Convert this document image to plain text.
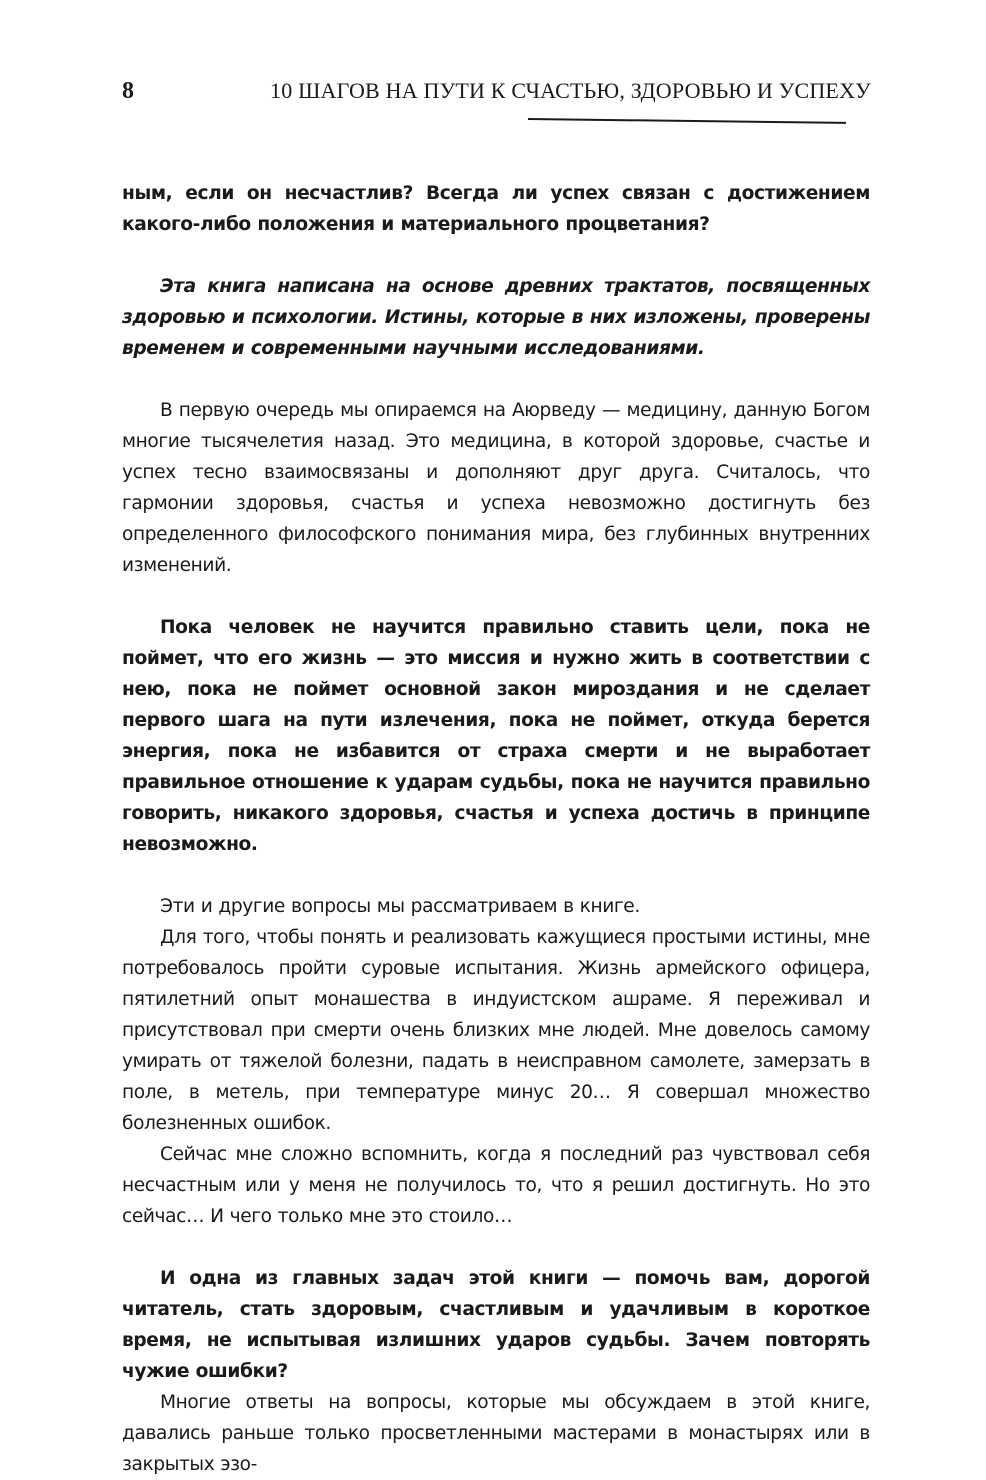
8	10 ШАГОВ НА ПУТИ К СЧАСТЬЮ, ЗДОРОВЬЮ И УСПЕХУ

ным, если он несчастлив? Всегда ли успех связан с достижением какого-либо положения и материального процветания?

Эта книга написана на основе древних трактатов, посвященных здоровью и психологии. Истины, которые в них изложены, проверены временем и современными научными исследованиями.

В первую очередь мы опираемся на Аюрведу — медицину, данную Богом многие тысячелетия назад. Это медицина, в которой здоровье, счастье и успех тесно взаимосвязаны и дополняют друг друга. Считалось, что гармонии здоровья, счастья и успеха невозможно достигнуть без определенного философского понимания мира, без глубинных внутренних изменений.

Пока человек не научится правильно ставить цели, пока не поймет, что его жизнь — это миссия и нужно жить в соответствии с нею, пока не поймет основной закон мироздания и не сделает первого шага на пути излечения, пока не поймет, откуда берется энергия, пока не избавится от страха смерти и не выработает правильное отношение к ударам судьбы, пока не научится правильно говорить, никакого здоровья, счастья и успеха достичь в принципе невозможно.

Эти и другие вопросы мы рассматриваем в книге.

Для того, чтобы понять и реализовать кажущиеся простыми истины, мне потребовалось пройти суровые испытания. Жизнь армейского офицера, пятилетний опыт монашества в индуистском ашраме. Я переживал и присутствовал при смерти очень близких мне людей. Мне довелось самому умирать от тяжелой болезни, падать в неисправном самолете, замерзать в поле, в метель, при температуре минус 20… Я совершал множество болезненных ошибок.

Сейчас мне сложно вспомнить, когда я последний раз чувствовал себя несчастным или у меня не получилось то, что я решил достигнуть. Но это сейчас… И чего только мне это стоило…

И одна из главных задач этой книги — помочь вам, дорогой читатель, стать здоровым, счастливым и удачливым в короткое время, не испытывая излишних ударов судьбы. Зачем повторять чужие ошибки?

Многие ответы на вопросы, которые мы обсуждаем в этой книге, давались раньше только просветленными мастерами в монастырях или в закрытых эзо-
